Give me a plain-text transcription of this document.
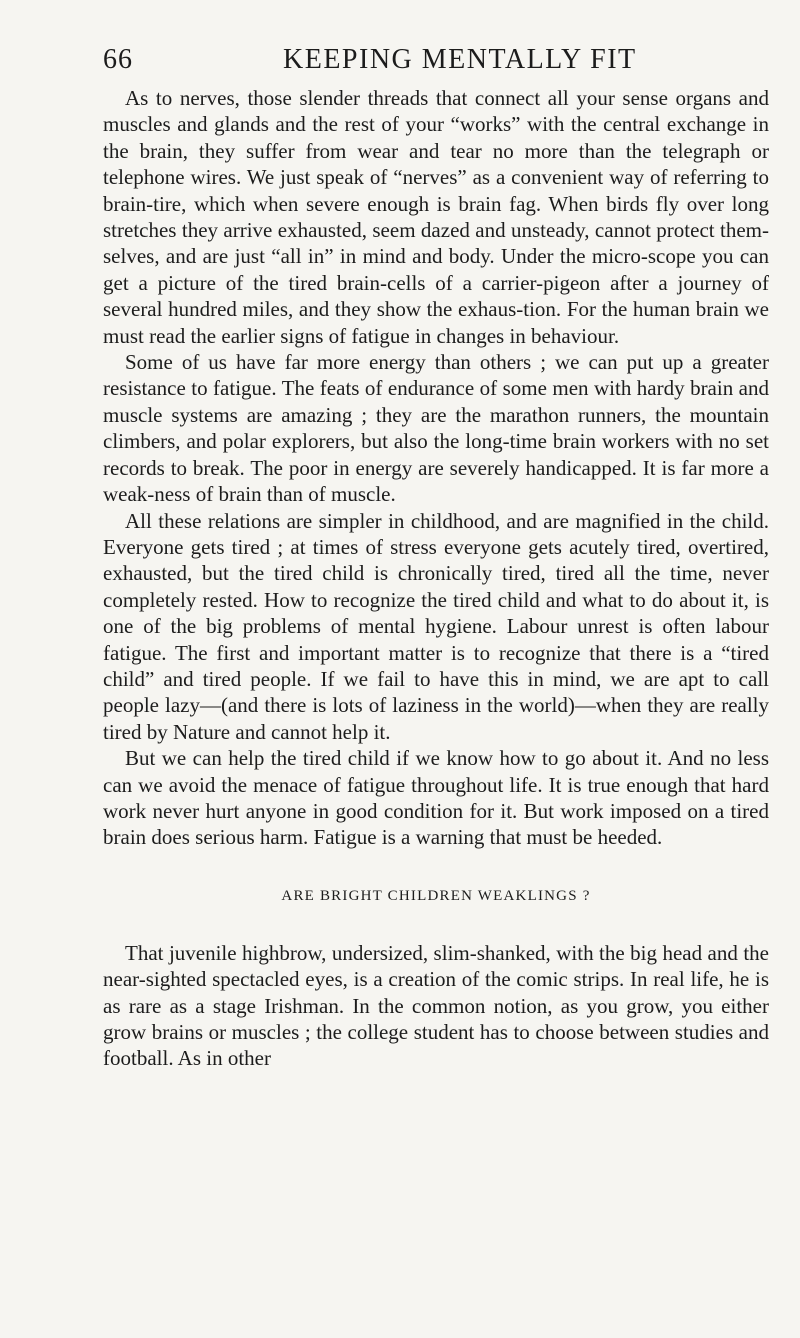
66	KEEPING MENTALLY FIT

As to nerves, those slender threads that connect all your sense organs and muscles and glands and the rest of your “works” with the central exchange in the brain, they suffer from wear and tear no more than the telegraph or telephone wires. We just speak of “nerves” as a convenient way of referring to brain-tire, which when severe enough is brain fag. When birds fly over long stretches they arrive exhausted, seem dazed and unsteady, cannot protect them-selves, and are just “all in” in mind and body. Under the micro-scope you can get a picture of the tired brain-cells of a carrier-pigeon after a journey of several hundred miles, and they show the exhaus-tion. For the human brain we must read the earlier signs of fatigue in changes in behaviour.

Some of us have far more energy than others ; we can put up a greater resistance to fatigue. The feats of endurance of some men with hardy brain and muscle systems are amazing ; they are the marathon runners, the mountain climbers, and polar explorers, but also the long-time brain workers with no set records to break. The poor in energy are severely handicapped. It is far more a weak-ness of brain than of muscle.

All these relations are simpler in childhood, and are magnified in the child. Everyone gets tired ; at times of stress everyone gets acutely tired, overtired, exhausted, but the tired child is chronically tired, tired all the time, never completely rested. How to recognize the tired child and what to do about it, is one of the big problems of mental hygiene. Labour unrest is often labour fatigue. The first and important matter is to recognize that there is a “tired child” and tired people. If we fail to have this in mind, we are apt to call people lazy—(and there is lots of laziness in the world)—when they are really tired by Nature and cannot help it.

But we can help the tired child if we know how to go about it. And no less can we avoid the menace of fatigue throughout life. It is true enough that hard work never hurt anyone in good condition for it. But work imposed on a tired brain does serious harm. Fatigue is a warning that must be heeded.

ARE BRIGHT CHILDREN WEAKLINGS ?

That juvenile highbrow, undersized, slim-shanked, with the big head and the near-sighted spectacled eyes, is a creation of the comic strips. In real life, he is as rare as a stage Irishman. In the common notion, as you grow, you either grow brains or muscles ; the college student has to choose between studies and football. As in other
